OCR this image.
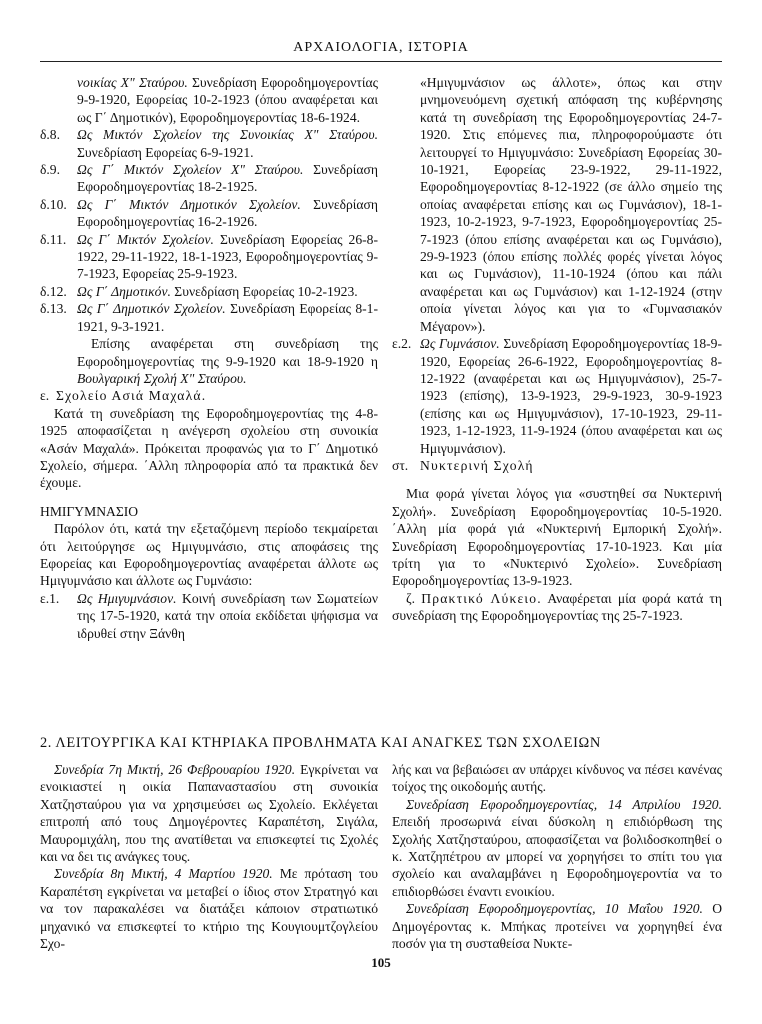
ΑΡΧΑΙΟΛΟΓΙΑ, ΙΣΤΟΡΙΑ

νοικίας Χ" Σταύρου. Συνεδρίαση Εφοροδημογεροντίας 9-9-1920, Εφορείας 10-2-1923 (όπου αναφέρεται και ως Γ΄ Δημοτικόν), Εφοροδημογεροντίας 18-6-1924.

δ.8.	Ως Μικτόν Σχολείον της Συνοικίας Χ" Σταύρου. Συνεδρίαση Εφορείας 6-9-1921.
δ.9.	Ως Γ΄ Μικτόν Σχολείον Χ" Σταύρου. Συνεδρίαση Εφοροδημογεροντίας 18-2-1925.
δ.10. Ως Γ΄ Μικτόν Δημοτικόν Σχολείον. Συνεδρίαση Εφοροδημογεροντίας 16-2-1926.
δ.11. Ως Γ΄ Μικτόν Σχολείον. Συνεδρίαση Εφορείας 26-8-1922, 29-11-1922, 18-1-1923, Εφοροδημογεροντίας 9-7-1923, Εφορείας 25-9-1923.
δ.12. Ως Γ΄ Δημοτικόν. Συνεδρίαση Εφορείας 10-2-1923.
δ.13. Ως Γ΄ Δημοτικόν Σχολείον. Συνεδρίαση Εφορείας 8-1-1921, 9-3-1921.
Επίσης αναφέρεται στη συνεδρίαση της Εφοροδημογεροντίας της 9-9-1920 και 18-9-1920 η Βουλγαρική Σχολή Χ" Σταύρου.
ε. Σχολείο Ασιά Μαχαλά.

Κατά τη συνεδρίαση της Εφοροδημογεροντίας της 4-8-1925 αποφασίζεται η ανέγερση σχολείου στη συνοικία «Ασάν Μαχαλά». Πρόκειται προφανώς για το Γ΄ Δημοτικό Σχολείο, σήμερα. ΄Αλλη πληροφορία από τα πρακτικά δεν έχουμε.

ΗΜΙΓΥΜΝΑΣΙΟ

Παρόλον ότι, κατά την εξεταζόμενη περίοδο τεκμαίρεται ότι λειτούργησε ως Ημιγυμνάσιο, στις αποφάσεις της Εφορείας και Εφοροδημογεροντίας αναφέρεται άλλοτε ως Ημιγυμνάσιο και άλλοτε ως Γυμνάσιο:

ε.1.	Ως Ημιγυμνάσιον. Κοινή συνεδρίαση των Σωματείων της 17-5-1920, κατά την οποία εκδίδεται ψήφισμα να ιδρυθεί στην Ξάνθη

«Ημιγυμνάσιον ως άλλοτε», όπως και στην μνημονευόμενη σχετική απόφαση της κυβέρνησης κατά τη συνεδρίαση της Εφοροδημογεροντίας 24-7-1920. Στις επόμενες πια, πληροφορούμαστε ότι λειτουργεί το Ημιγυμνάσιο: Συνεδρίαση Εφορείας 30-10-1921, Εφορείας 23-9-1922, 29-11-1922, Εφοροδημογεροντίας 8-12-1922 (σε άλλο σημείο της οποίας αναφέρεται επίσης και ως Γυμνάσιον), 18-1-1923, 10-2-1923, 9-7-1923, Εφοροδημογεροντίας 25-7-1923 (όπου επίσης αναφέρεται και ως Γυμνάσιο), 29-9-1923 (όπου επίσης πολλές φορές γίνεται λόγος και ως Γυμνάσιον), 11-10-1924 (όπου και πάλι αναφέρεται και ως Γυμνάσιον) και 1-12-1924 (στην οποία γίνεται λόγος και για το «Γυμνασιακόν Μέγαρον»).

ε.2. Ως Γυμνάσιον. Συνεδρίαση Εφοροδημογεροντίας 18-9-1920, Εφορείας 26-6-1922, Εφοροδημογεροντίας 8-12-1922 (αναφέρεται και ως Ημιγυμνάσιον), 25-7-1923 (επίσης), 13-9-1923, 29-9-1923, 30-9-1923 (επίσης και ως Ημιγυμνάσιον), 17-10-1923, 29-11-1923, 1-12-1923, 11-9-1924 (όπου αναφέρεται και ως Ημιγυμνάσιον).
στ. Νυκτερινή Σχολή

Μια φορά γίνεται λόγος για «συστηθεί σα Νυκτερινή Σχολή». Συνεδρίαση Εφοροδημογεροντίας 10-5-1920. ΄Αλλη μία φορά γιά «Νυκτερινή Εμπορική Σχολή». Συνεδρίαση Εφοροδημογεροντίας 17-10-1923. Και μία τρίτη για το «Νυκτερινό Σχολείο». Συνεδρίαση Εφοροδημογεροντίας 13-9-1923.

ζ. Πρακτικό Λύκειο. Αναφέρεται μία φορά κατά τη συνεδρίαση της Εφοροδημογεροντίας της 25-7-1923.

2. ΛΕΙΤΟΥΡΓΙΚΑ ΚΑΙ ΚΤΗΡΙΑΚΑ ΠΡΟΒΛΗΜΑΤΑ ΚΑΙ ΑΝΑΓΚΕΣ ΤΩΝ ΣΧΟΛΕΙΩΝ

Συνεδρία 7η Μικτή, 26 Φεβρουαρίου 1920. Εγκρίνεται να ενοικιαστεί η οικία Παπαναστασίου στη συνοικία Χατζησταύρου για να χρησιμεύσει ως Σχολείο. Εκλέγεται επιτροπή από τους Δημογέροντες Καραπέτση, Σιγάλα, Μαυρομιχάλη, που της ανατίθεται να επισκεφτεί τις Σχολές και να δει τις ανάγκες τους.

Συνεδρία 8η Μικτή, 4 Μαρτίου 1920. Με πρόταση του Καραπέτση εγκρίνεται να μεταβεί ο ίδιος στον Στρατηγό και να τον παρακαλέσει να διατάξει κάποιον στρατιωτικό μηχανικό να επισκεφτεί το κτήριο της Κουγιουμτζογλείου Σχο-

λής και να βεβαιώσει αν υπάρχει κίνδυνος να πέσει κανένας τοίχος της οικοδομής αυτής.

Συνεδρίαση Εφοροδημογεροντίας, 14 Απριλίου 1920. Επειδή προσωρινά είναι δύσκολη η επιδιόρθωση της Σχολής Χατζησταύρου, αποφασίζεται να βολιδοσκοπηθεί ο κ. Χατζηπέτρου αν μπορεί να χορηγήσει το σπίτι του για σχολείο και αναλαμβάνει η Εφοροδημογεροντία να το επιδιορθώσει έναντι ενοικίου.

Συνεδρίαση Εφοροδημογεροντίας, 10 Μαΐου 1920. Ο Δημογέροντας κ. Μπήκας προτείνει να χορηγηθεί ένα ποσόν για τη συσταθείσα Νυκτε-

105
